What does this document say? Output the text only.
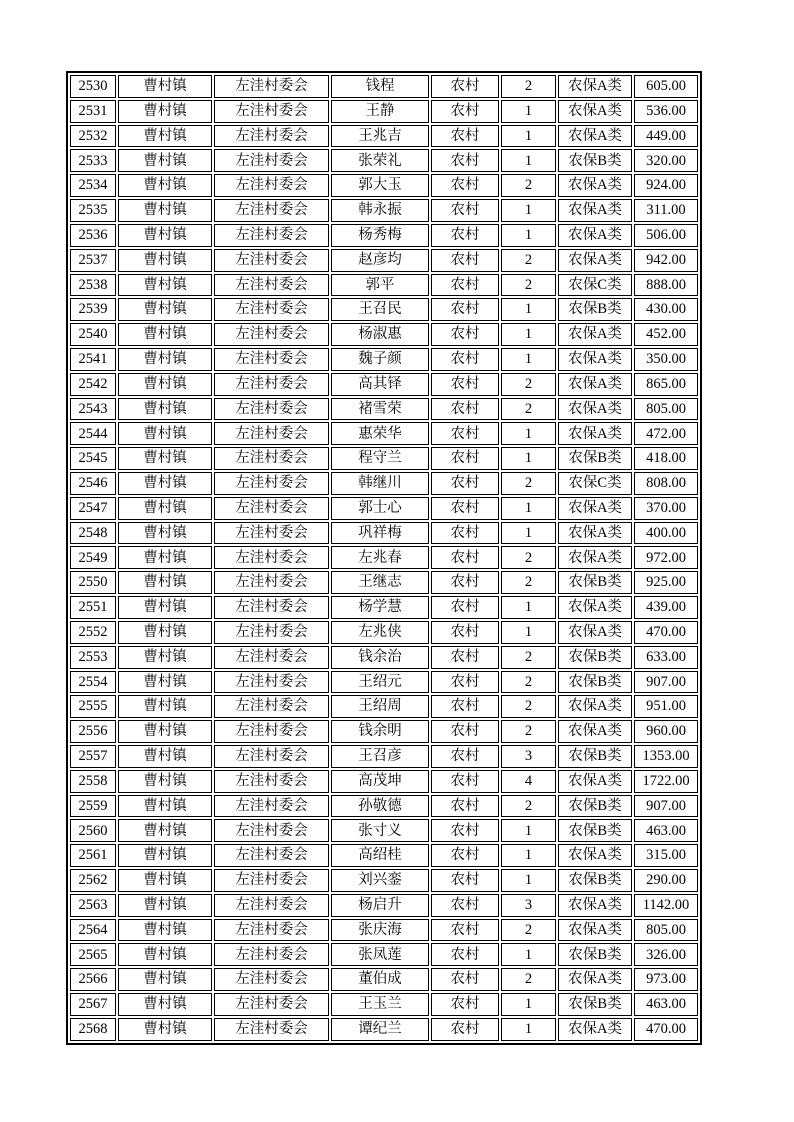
2530	曹村镇	左洼村委会	钱程	农村	2	农保A类	605.00
2531	曹村镇	左洼村委会	王静	农村	1	农保A类	536.00
2532	曹村镇	左洼村委会	王兆吉	农村	1	农保A类	449.00
2533	曹村镇	左洼村委会	张荣礼	农村	1	农保B类	320.00
2534	曹村镇	左洼村委会	郭大玉	农村	2	农保A类	924.00
2535	曹村镇	左洼村委会	韩永振	农村	1	农保A类	311.00
2536	曹村镇	左洼村委会	杨秀梅	农村	1	农保A类	506.00
2537	曹村镇	左洼村委会	赵彦均	农村	2	农保A类	942.00
2538	曹村镇	左洼村委会	郭平	农村	2	农保C类	888.00
2539	曹村镇	左洼村委会	王召民	农村	1	农保B类	430.00
2540	曹村镇	左洼村委会	杨淑惠	农村	1	农保A类	452.00
2541	曹村镇	左洼村委会	魏子颜	农村	1	农保A类	350.00
2542	曹村镇	左洼村委会	高其铎	农村	2	农保A类	865.00
2543	曹村镇	左洼村委会	褚雪荣	农村	2	农保A类	805.00
2544	曹村镇	左洼村委会	惠荣华	农村	1	农保A类	472.00
2545	曹村镇	左洼村委会	程守兰	农村	1	农保B类	418.00
2546	曹村镇	左洼村委会	韩继川	农村	2	农保C类	808.00
2547	曹村镇	左洼村委会	郭士心	农村	1	农保A类	370.00
2548	曹村镇	左洼村委会	巩祥梅	农村	1	农保A类	400.00
2549	曹村镇	左洼村委会	左兆春	农村	2	农保A类	972.00
2550	曹村镇	左洼村委会	王继志	农村	2	农保B类	925.00
2551	曹村镇	左洼村委会	杨学慧	农村	1	农保A类	439.00
2552	曹村镇	左洼村委会	左兆侠	农村	1	农保A类	470.00
2553	曹村镇	左洼村委会	钱余治	农村	2	农保B类	633.00
2554	曹村镇	左洼村委会	王绍元	农村	2	农保B类	907.00
2555	曹村镇	左洼村委会	王绍周	农村	2	农保A类	951.00
2556	曹村镇	左洼村委会	钱余明	农村	2	农保A类	960.00
2557	曹村镇	左洼村委会	王召彦	农村	3	农保B类	1353.00
2558	曹村镇	左洼村委会	高茂坤	农村	4	农保A类	1722.00
2559	曹村镇	左洼村委会	孙敬德	农村	2	农保B类	907.00
2560	曹村镇	左洼村委会	张寸义	农村	1	农保B类	463.00
2561	曹村镇	左洼村委会	高绍桂	农村	1	农保A类	315.00
2562	曹村镇	左洼村委会	刘兴銮	农村	1	农保B类	290.00
2563	曹村镇	左洼村委会	杨启升	农村	3	农保A类	1142.00
2564	曹村镇	左洼村委会	张庆海	农村	2	农保A类	805.00
2565	曹村镇	左洼村委会	张凤莲	农村	1	农保B类	326.00
2566	曹村镇	左洼村委会	董伯成	农村	2	农保A类	973.00
2567	曹村镇	左洼村委会	王玉兰	农村	1	农保B类	463.00
2568	曹村镇	左洼村委会	谭纪兰	农村	1	农保A类	470.00
